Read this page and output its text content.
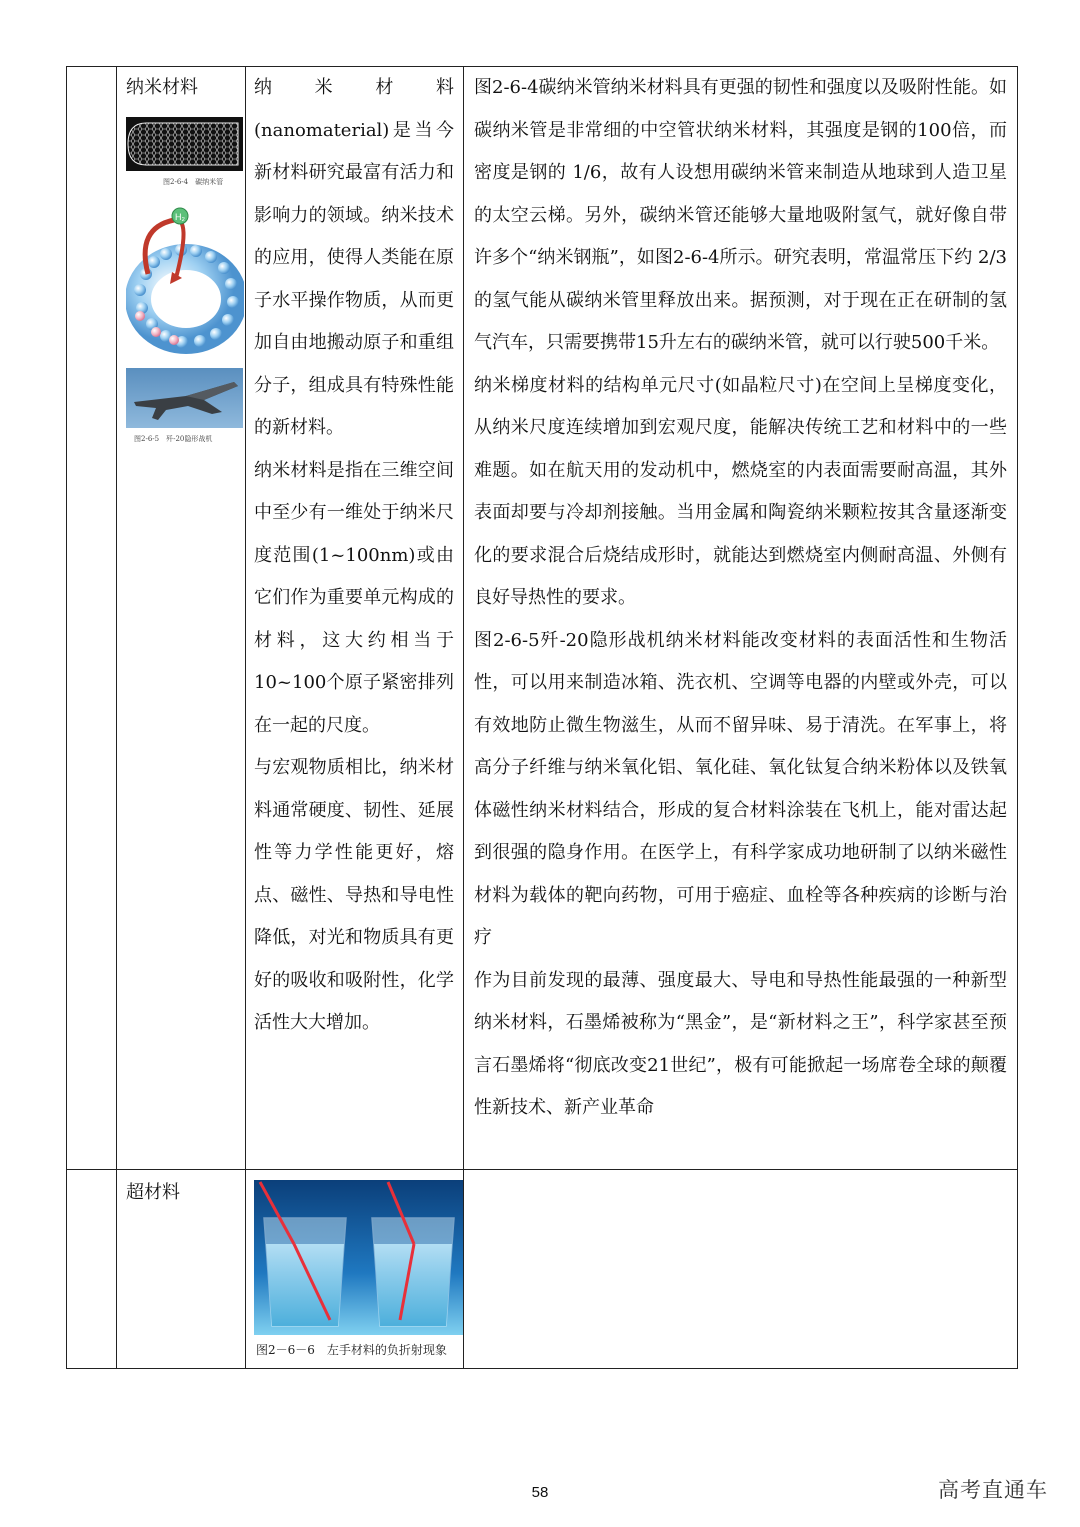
纳米材料
图2-6-4　碳纳米管
H₂
图2-6-5　歼-20隐形战机

纳米材料(nanomaterial)是当今新材料研究最富有活力和影响力的领域。纳米技术的应用，使得人类能在原子水平操作物质，从而更加自由地搬动原子和重组分子，组成具有特殊性能的新材料。

纳米材料是指在三维空间中至少有一维处于纳米尺度范围(1~100nm)或由它们作为重要单元构成的材料，这大约相当于10~100个原子紧密排列在一起的尺度。

与宏观物质相比，纳米材料通常硬度、韧性、延展性等力学性能更好，熔点、磁性、导热和导电性降低，对光和物质具有更好的吸收和吸附性，化学活性大大增加。

图2-6-4碳纳米管纳米材料具有更强的韧性和强度以及吸附性能。如碳纳米管是非常细的中空管状纳米材料，其强度是钢的100倍，而密度是钢的 1/6，故有人设想用碳纳米管来制造从地球到人造卫星的太空云梯。另外，碳纳米管还能够大量地吸附氢气，就好像自带许多个“纳米钢瓶”，如图2-6-4所示。研究表明，常温常压下约 2/3 的氢气能从碳纳米管里释放出来。据预测，对于现在正在研制的氢气汽车，只需要携带15升左右的碳纳米管，就可以行驶500千米。

纳米梯度材料的结构单元尺寸(如晶粒尺寸)在空间上呈梯度变化，从纳米尺度连续增加到宏观尺度，能解决传统工艺和材料中的一些难题。如在航天用的发动机中，燃烧室的内表面需要耐高温，其外表面却要与冷却剂接触。当用金属和陶瓷纳米颗粒按其含量逐渐变化的要求混合后烧结成形时，就能达到燃烧室内侧耐高温、外侧有良好导热性的要求。

图2-6-5歼-20隐形战机纳米材料能改变材料的表面活性和生物活性，可以用来制造冰箱、洗衣机、空调等电器的内壁或外壳，可以有效地防止微生物滋生，从而不留异味、易于清洗。在军事上，将高分子纤维与纳米氧化铝、氧化硅、氧化钛复合纳米粉体以及铁氧体磁性纳米材料结合，形成的复合材料涂装在飞机上，能对雷达起到很强的隐身作用。在医学上，有科学家成功地研制了以纳米磁性材料为载体的靶向药物，可用于癌症、血栓等各种疾病的诊断与治疗

作为目前发现的最薄、强度最大、导电和导热性能最强的一种新型纳米材料，石墨烯被称为“黑金”，是“新材料之王”，科学家甚至预言石墨烯将“彻底改变21世纪”，极有可能掀起一场席卷全球的颠覆性新技术、新产业革命

超材料
图2－6－6　左手材料的负折射现象
58	高考直通车
